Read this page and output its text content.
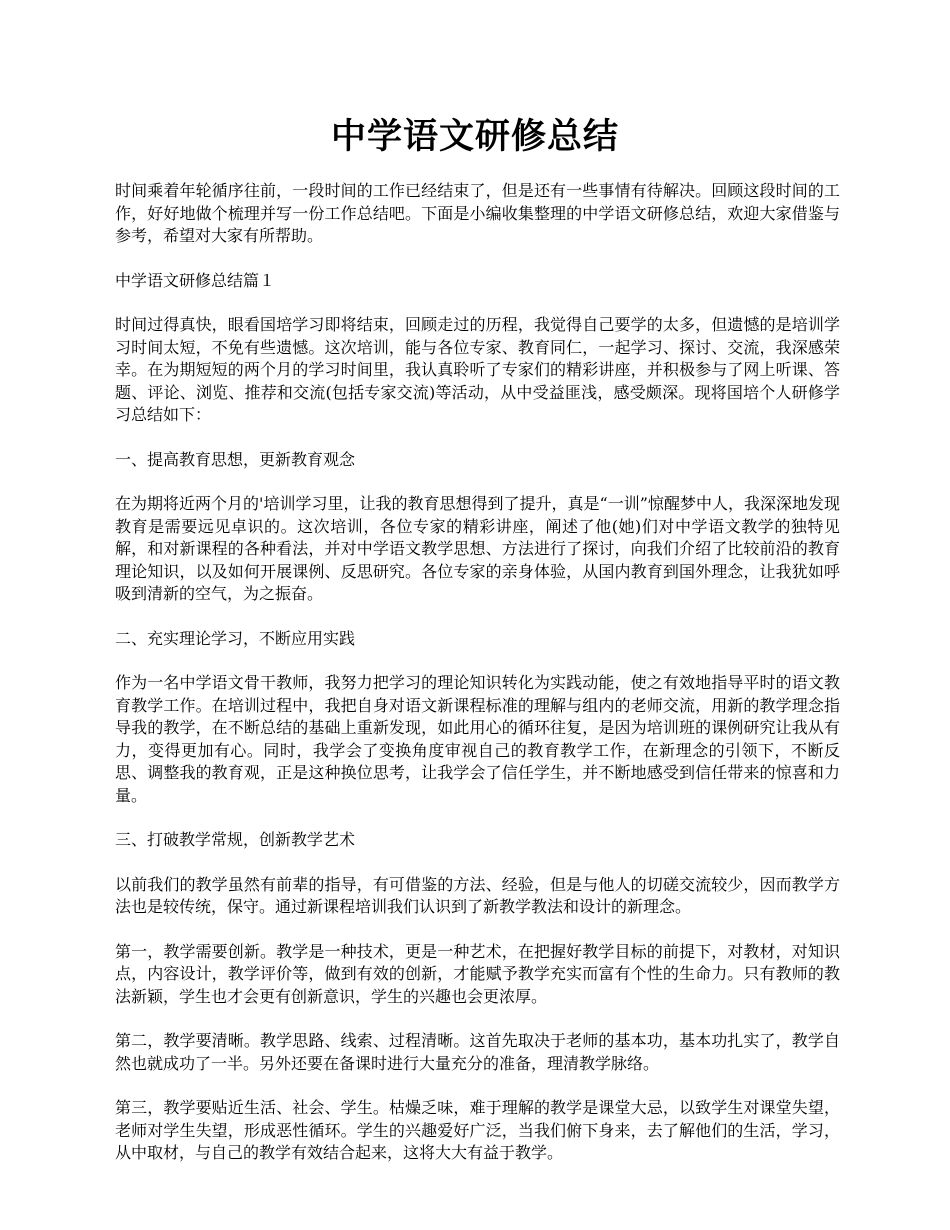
中学语文研修总结

时间乘着年轮循序往前，一段时间的工作已经结束了，但是还有一些事情有待解决。回顾这段时间的工作，好好地做个梳理并写一份工作总结吧。下面是小编收集整理的中学语文研修总结，欢迎大家借鉴与参考，希望对大家有所帮助。

中学语文研修总结篇１

时间过得真快，眼看国培学习即将结束，回顾走过的历程，我觉得自己要学的太多，但遗憾的是培训学习时间太短，不免有些遗憾。这次培训，能与各位专家、教育同仁，一起学习、探讨、交流，我深感荣幸。在为期短短的两个月的学习时间里，我认真聆听了专家们的精彩讲座，并积极参与了网上听课、答题、评论、浏览、推荐和交流(包括专家交流)等活动，从中受益匪浅，感受颇深。现将国培个人研修学习总结如下：

一、提高教育思想，更新教育观念

在为期将近两个月的'培训学习里，让我的教育思想得到了提升，真是“一训”惊醒梦中人，我深深地发现教育是需要远见卓识的。这次培训，各位专家的精彩讲座，阐述了他(她)们对中学语文教学的独特见解，和对新课程的各种看法，并对中学语文教学思想、方法进行了探讨，向我们介绍了比较前沿的教育理论知识，以及如何开展课例、反思研究。各位专家的亲身体验，从国内教育到国外理念，让我犹如呼吸到清新的空气，为之振奋。

二、充实理论学习，不断应用实践

作为一名中学语文骨干教师，我努力把学习的理论知识转化为实践动能，使之有效地指导平时的语文教育教学工作。在培训过程中，我把自身对语文新课程标准的理解与组内的老师交流，用新的教学理念指导我的教学，在不断总结的基础上重新发现，如此用心的循环往复，是因为培训班的课例研究让我从有力，变得更加有心。同时，我学会了变换角度审视自己的教育教学工作，在新理念的引领下，不断反思、调整我的教育观，正是这种换位思考，让我学会了信任学生，并不断地感受到信任带来的惊喜和力量。

三、打破教学常规，创新教学艺术

以前我们的教学虽然有前辈的指导，有可借鉴的方法、经验，但是与他人的切磋交流较少，因而教学方法也是较传统，保守。通过新课程培训我们认识到了新教学教法和设计的新理念。

第一，教学需要创新。教学是一种技术，更是一种艺术，在把握好教学目标的前提下，对教材，对知识点，内容设计，教学评价等，做到有效的创新，才能赋予教学充实而富有个性的生命力。只有教师的教法新颖，学生也才会更有创新意识，学生的兴趣也会更浓厚。

第二，教学要清晰。教学思路、线索、过程清晰。这首先取决于老师的基本功，基本功扎实了，教学自然也就成功了一半。另外还要在备课时进行大量充分的准备，理清教学脉络。

第三，教学要贴近生活、社会、学生。枯燥乏味，难于理解的教学是课堂大忌，以致学生对课堂失望，老师对学生失望，形成恶性循环。学生的兴趣爱好广泛，当我们俯下身来，去了解他们的生活，学习，从中取材，与自己的教学有效结合起来，这将大大有益于教学。
